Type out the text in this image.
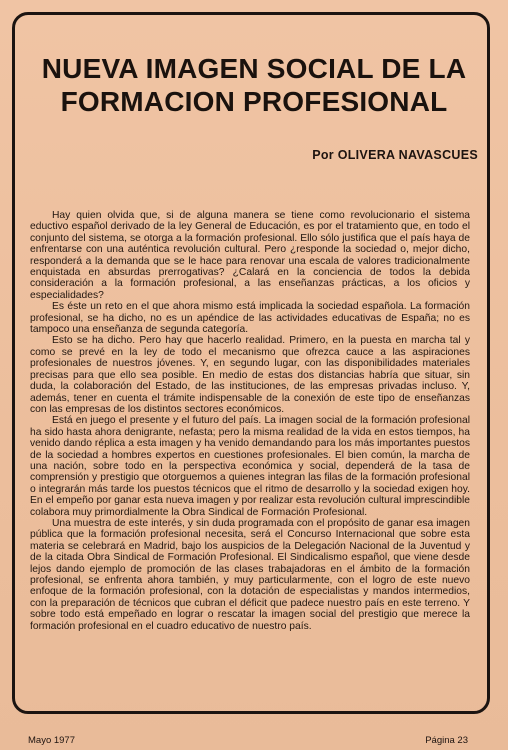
NUEVA IMAGEN SOCIAL DE LA FORMACION PROFESIONAL
Por OLIVERA NAVASCUES

Hay quien olvida que, si de alguna manera se tiene como revolucionario el sistema eductivo español derivado de la ley General de Educación, es por el tratamiento que, en todo el conjunto del sistema, se otorga a la formación profesional. Ello sólo justifica que el país haya de enfrentarse con una auténtica revolución cultural. Pero ¿responde la sociedad o, mejor dicho, responderá a la demanda que se le hace para renovar una escala de valores tradicionalmente enquistada en absurdas prerrogativas? ¿Calará en la conciencia de todos la debida consideración a la formación profesional, a las enseñanzas prácticas, a los oficios y especialidades?

Es éste un reto en el que ahora mismo está implicada la sociedad española. La formación profesional, se ha dicho, no es un apéndice de las actividades educativas de España; no es tampoco una enseñanza de segunda categoría.

Esto se ha dicho. Pero hay que hacerlo realidad. Primero, en la puesta en marcha tal y como se prevé en la ley de todo el mecanismo que ofrezca cauce a las aspiraciones profesionales de nuestros jóvenes. Y, en segundo lugar, con las disponibilidades materiales precisas para que ello sea posible. En medio de estas dos distancias habría que situar, sin duda, la colaboración del Estado, de las instituciones, de las empresas privadas incluso. Y, además, tener en cuenta el trámite indispensable de la conexión de este tipo de enseñanzas con las empresas de los distintos sectores económicos.

Está en juego el presente y el futuro del país. La imagen social de la formación profesional ha sido hasta ahora denigrante, nefasta; pero la misma realidad de la vida en estos tiempos, ha venido dando réplica a esta imagen y ha venido demandando para los más importantes puestos de la sociedad a hombres expertos en cuestiones profesionales. El bien común, la marcha de una nación, sobre todo en la perspectiva económica y social, dependerá de la tasa de comprensión y prestigio que otorguemos a quienes integran las filas de la formación profesional o integrarán más tarde los puestos técnicos que el ritmo de desarrollo y la sociedad exigen hoy. En el empeño por ganar esta nueva imagen y por realizar esta revolución cultural imprescindible colabora muy primordialmente la Obra Sindical de Formación Profesional.

Una muestra de este interés, y sin duda programada con el propósito de ganar esa imagen pública que la formación profesional necesita, será el Concurso Internacional que sobre esta materia se celebrará en Madrid, bajo los auspicios de la Delegación Nacional de la Juventud y de la citada Obra Sindical de Formación Profesional. El Sindicalismo español, que viene desde lejos dando ejemplo de promoción de las clases trabajadoras en el ámbito de la formación profesional, se enfrenta ahora también, y muy particularmente, con el logro de este nuevo enfoque de la formación profesional, con la dotación de especialistas y mandos intermedios, con la preparación de técnicos que cubran el déficit que padece nuestro país en este terreno. Y sobre todo está empeñado en lograr o rescatar la imagen social del prestigio que merece la formación profesional en el cuadro educativo de nuestro país.

Mayo 1977	Página 23
